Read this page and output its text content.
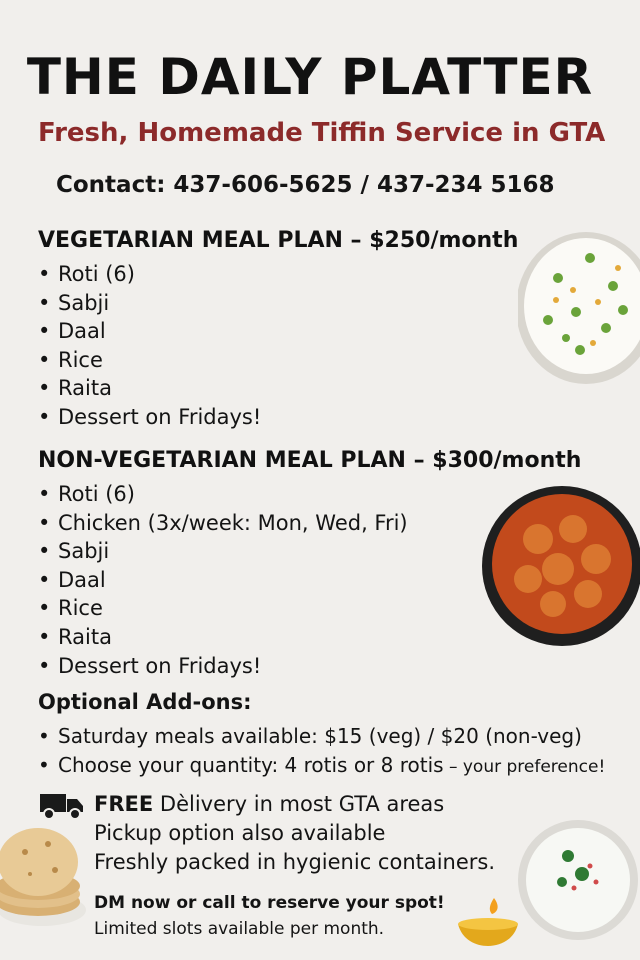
THE DAILY PLATTER
Fresh, Homemade Tiffin Service in GTA
Contact: 437-606-5625 / 437-234 5168
VEGETARIAN MEAL PLAN – $250/month
• Roti (6)
• Sabji
• Daal
• Rice
• Raita
• Dessert on Fridays!
NON-VEGETARIAN MEAL PLAN – $300/month
• Roti (6)
• Chicken (3x/week: Mon, Wed, Fri)
• Sabji
• Daal
• Rice
• Raita
• Dessert on Fridays!
Optional Add-ons:
• Saturday meals available: $15 (veg) / $20 (non-veg)
• Choose your quantity: 4 rotis or 8 rotis – your preference!
FREE Dèlivery in most GTA areas
Pickup option also available
Freshly packed in hygienic containers.
DM now or call to reserve your spot!
Limited slots available per month.
